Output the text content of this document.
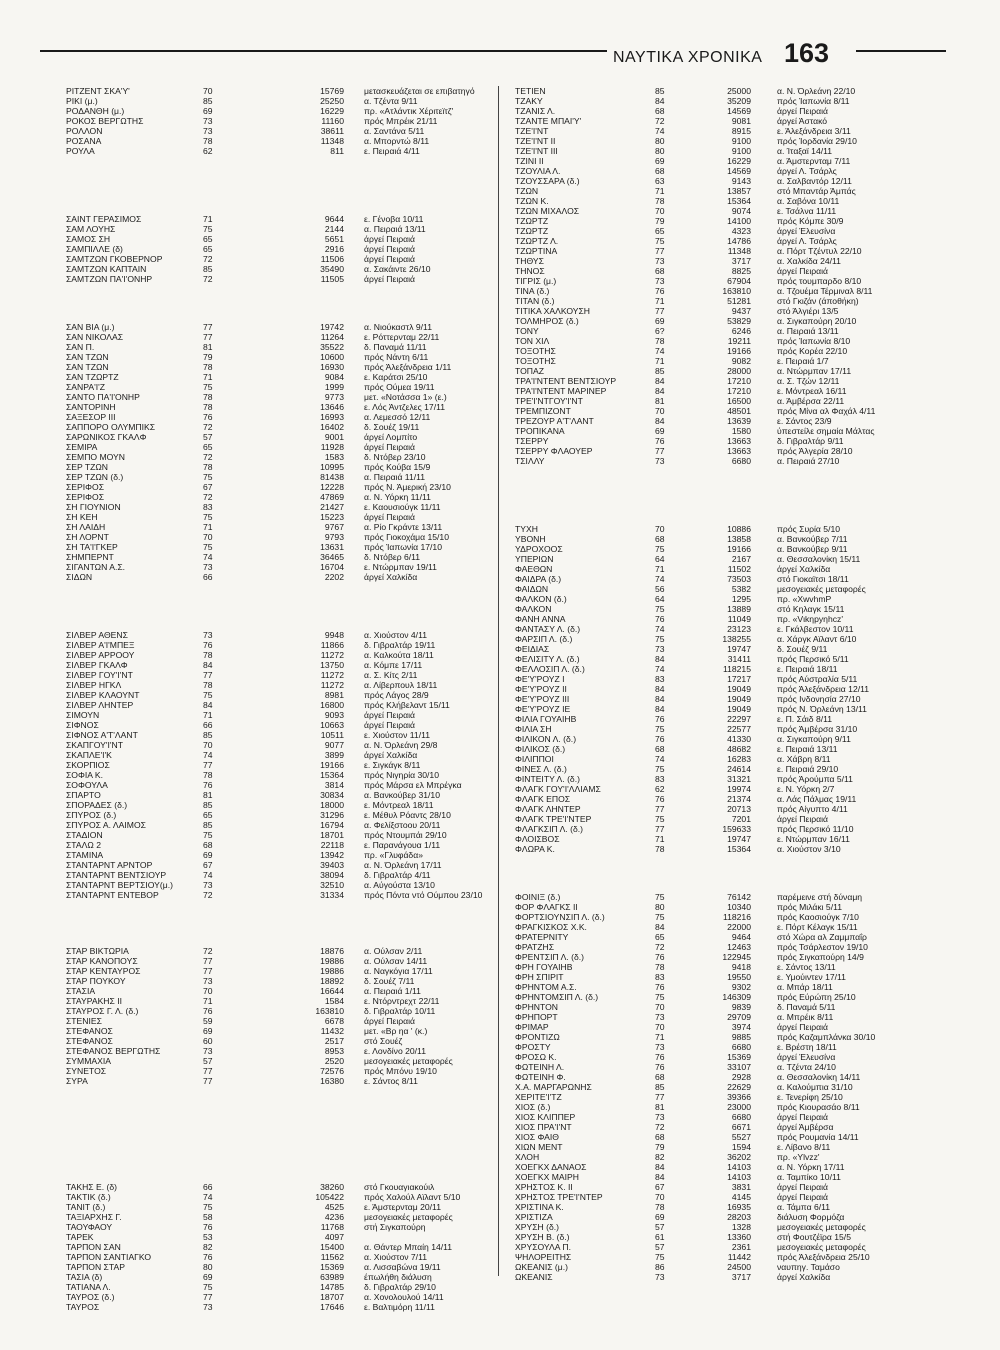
ΝΑΥΤΙΚΑ ΧΡΟΝΙΚΑ 163
ΡΙΤΖΕΝΤ ΣΚΑ'Υ'	70	15769 μετασκευάζεται σε επιβατηγό
ΡΙΚΙ (μ.)	85	25250 α. Τζέντα 9/11
ΡΟΔΑΝΘΗ (μ.)	69	16229 πρ. «Ατλάντικ Χέριτεϊτζ'
ΡΟΚΟΣ ΒΕΡΓΩΤΗΣ	73	11160 πρός Μπρέικ 21/11
ΡΟΛΛΟΝ	73	38611 α. Σαντάνα 5/11
ΡΟΣΑΝΑ	78	11348 α. Μπορντώ 8/11
ΡΟΥΛΑ	62	811 ε. Πειραιά 4/11
ΣΑΙΝΤ ΓΕΡΑΣΙΜΟΣ	71	9644 ε. Γένοβα 10/11
ΣΑΜ ΛΟΥΗΣ	75	2144 α. Πειραιά 13/11
ΣΑΜΟΣ ΣΗ	65	5651 άργεί Πειραιά
ΣΑΜΠΙΛΛΕ (δ)	65	2916 άργεί Πειραιά
ΣΑΜΤΖΩΝ ΓΚΟΒΕΡΝΟΡ	72	11506 άργεί Πειραιά
ΣΑΜΤΖΩΝ ΚΑΠΤΑΙΝ	85	35490 α. Σακάιντε 26/10
ΣΑΜΤΖΩΝ ΠΑ'Ι'ΟΝΗΡ	72	11505 άργεί Πειραιά
ΣΑΝ ΒΙΑ (μ.)	77	19742 α. Νιούκαστλ 9/11
ΣΑΝ ΝΙΚΟΛΑΣ	77	11264 ε. Ρόττερνταμ 22/11
ΣΑΝ Π.	81	35522 δ. Παναμά 11/11
ΣΑΝ ΤΖΩΝ	79	10600 πρός Νάντη 6/11
ΣΑΝ ΤΖΩΝ	78	16930 πρός Άλεξάνδρεια 1/11
ΣΑΝ ΤΖΩΡΤΖ	71	9084 ε. Καράτσι 25/10
ΣΑΝΡΑ'Ι'Ζ	75	1999 πρός Ούμεα 19/11
ΣΑΝΤΟ ΠΑ'Ι'ΟΝΗΡ	78	9773 μετ. «Νοτάσσα 1» (ε.)
ΣΑΝΤΟΡΙΝΗ	78	13646 ε. Λός Άντζελες 17/11
ΣΑΞΕΣΟΡ ΙΙΙ	76	16993 α. Λεμεσσό 12/11
ΣΑΠΠΟΡΟ ΟΛΥΜΠΙΚΣ	72	16402 δ. Σουέζ 19/11
ΣΑΡΩΝΙΚΟΣ ΓΚΑΛΦ	57	9001 άργεί Λομπίτο
ΣΕΜΙΡΑ	65	11928 άργεί Πειραιά
ΣΕΜΠΟ ΜΟΥΝ	72	1583 δ. Ντόβερ 23/10
ΣΕΡ ΤΖΩΝ	78	10995 πρός Κούβα 15/9
ΣΕΡ ΤΖΩΝ (δ.)	75	81438 α. Πειραιά 11/11
ΣΕΡΙΦΟΣ	67	12228 πρός Ν. Άμερική 23/10
ΣΕΡΙΦΟΣ	72	47869 α. Ν. Υόρκη 11/11
ΣΗ ΓΙΟΥΝΙΟΝ	83	21427 ε. Καουσιούγκ 11/11
ΣΗ ΚΕΗ	75	15223 άργεί Πειραιά
ΣΗ ΛΑΙΔΗ	71	9767 α. Ρίο Γκράντε 13/11
ΣΗ ΛΟΡΝΤ	70	9793 πρός Γιοκοχάμα 15/10
ΣΗ ΤΑ'Ι'ΓΚΕΡ	75	13631 πρός Ίαπωνία 17/10
ΣΗΜΠΕΡΝΤ	74	36465 δ. Ντόβερ 6/11
ΣΙΓΑΝΤΩΝ Α.Σ.	73	16704 ε. Ντώρμπαν 19/11
ΣΙΔΩΝ	66	2202 άργεί Χαλκίδα
ΣΙΛΒΕΡ ΑΘΕΝΣ	73	9948 α. Χιούστον 4/11
ΣΙΛΒΕΡ Α'Ι'ΜΠΕΞ	76	11866 δ. Γιβραλτάρ 19/11
ΣΙΛΒΕΡ ΑΡΡΟΟΥ	78	11272 α. Καλκούτα 18/11
ΣΙΛΒΕΡ ΓΚΑΛΦ	84	13750 α. Κόμπε 17/11
ΣΙΛΒΕΡ ΓΟΥ'Ι'ΝΤ	77	11272 α. Σ. Κίτς 2/11
ΣΙΛΒΕΡ ΗΓΚΛ	78	11272 α. Λίβερπουλ 18/11
ΣΙΛΒΕΡ ΚΛΑΟΥΝΤ	75	8981 πρός Λάγος 28/9
ΣΙΛΒΕΡ ΛΗΝΤΕΡ	84	16800 πρός Κλήβελαντ 15/11
ΣΙΜΟΥΝ	71	9093 άργεί Πειραιά
ΣΙΦΝΟΣ	66	10663 άργεί Πειραιά
ΣΙΦΝΟΣ Α'Τ'ΛΑΝΤ	85	10511 ε. Χιούστον 11/11
ΣΚΑΠΓΟΥ'Ι'ΝΤ	70	9077 α. Ν. Όρλεάνη 29/8
ΣΚΑΠΛΕ'Ι'Κ	74	3899 άργεί Χαλκίδα
ΣΚΟΡΠΙΟΣ	77	19166 ε. Σιγκάγκ 8/11
ΣΟΦΙΑ Κ.	78	15364 πρός Νιγηρία 30/10
ΣΟΦΟΥΛΑ	76	3814 πρός Μάρσα ελ Μπρέγκα
ΣΠΑΡΤΟ	81	30834 α. Βανκούβερ 31/10
ΣΠΟΡΑΔΕΣ (δ.)	85	18000 ε. Μόντρεαλ 18/11
ΣΠΥΡΟΣ (δ.)	65	31296 ε. Μέθυλ Ρόαντς 28/10
ΣΠΥΡΟΣ Α. ΛΑΙΜΟΣ	85	16794 α. Φελίξστοου 20/11
ΣΤΑΔΙΟΝ	75	18701 πρός Ντουμπάι 29/10
ΣΤΑΛΩ 2	68	22118 ε. Παρανάγουα 1/11
ΣΤΑΜΙΝΑ	69	13942 πρ. «Γλυφάδα»
ΣΤΑΝΤΑΡΝΤ ΑΡΝΤΟΡ	67	39403 α. Ν. Όρλεάνη 17/11
ΣΤΑΝΤΑΡΝΤ ΒΕΝΤΣΙΟΥΡ	74	38094 δ. Γιβραλτάρ 4/11
ΣΤΑΝΤΑΡΝΤ ΒΕΡΤΣΙΟΥ(μ.)	73	32510 α. Αύγούστα 13/10
ΣΤΑΝΤΑΡΝΤ ΕΝΤΕΒΟΡ	72	31334 πρός Πόντα ντό Ούμπου 23/10
ΣΤΑΡ ΒΙΚΤΩΡΙΑ	72	18876 α. Ούλσαν 2/11
ΣΤΑΡ ΚΑΝΟΠΟΥΣ	77	19886 α. Ούλσαν 14/11
ΣΤΑΡ ΚΕΝΤΑΥΡΟΣ	77	19886 α. Ναγκόγια 17/11
ΣΤΑΡ ΠΟΥΚΟΥ	73	18892 δ. Σουέζ 7/11
ΣΤΑΣΙΑ	70	16644 α. Πειραιά 1/11
ΣΤΑΥΡΑΚΗΣ ΙΙ	71	1584 ε. Ντόρντρεχτ 22/11
ΣΤΑΥΡΟΣ Γ. Λ. (δ.)	76	163810 δ. Γιβραλτάρ 10/11
ΣΤΕΝΙΕΣ	59	6678 άργεί Πειραιά
ΣΤΕΦΑΝΟΣ	69	11432 μετ. «Βρ ηα ' (κ.)
ΣΤΕΦΑΝΟΣ	60	2517 στό Σουέζ
ΣΤΕΦΑΝΟΣ ΒΕΡΓΩΤΗΣ	73	8953 ε. Λονδίνο 20/11
ΣΥΜΜΑΧΙΑ	57	2520 μεσογειακές μεταφορές
ΣΥΝΕΤΟΣ	77	72576 πρός Μπόνυ 19/10
ΣΥΡΑ	77	16380 ε. Σάντος 8/11
ΤΑΚΗΣ Ε. (δ)	66	38260 στό Γκουαγιακούιλ
ΤΑΚΤΙΚ (δ.)	74	105422 πρός Χαλούλ Αϊλαντ 5/10
ΤΑΝΙΤ (δ.)	75	4525 ε. Άμστερνταμ 20/11
ΤΑΞΙΑΡΧΗΣ Γ.	58	4236 μεσογειακές μεταφορές
ΤΑΟΥΦΑΟΥ	76	11768 στή Σιγκαπούρη
ΤΑΡΕΚ	53	4097
ΤΑΡΠΟΝ ΣΑΝ	82	15400 α. Θάντερ Μπαίη 14/11
ΤΑΡΠΟΝ ΣΑΝΤΙΑΓΚΟ	76	11562 α. Χιούστον 7/11
ΤΑΡΠΟΝ ΣΤΑΡ	80	15369 α. Λισσαβώνα 19/11
ΤΑΣΙΑ (δ)	69	63989 έπωλήθη διάλυση
ΤΑΤΙΑΝΑ Λ.	75	14785 δ. Γιβραλτάρ 29/10
ΤΑΥΡΟΣ (δ.)	77	18707 α. Χονολουλού 14/11
ΤΑΥΡΟΣ	73	17646 ε. Βαλτιμόρη 11/11
ΤΕΤΙΕΝ	85	25000	α. Ν. Όρλεάνη 22/10
ΤΖΑΚΥ	84	35209	πρός Ίαπωνία 8/11
ΤΖΑΝΙΣ Λ.	68	14569	άργεί Πειραιά
ΤΖΑΝΤΕ ΜΠΑΙ'Υ'	72	9081	άργεί Άστακό
ΤΖΕ'Ι'ΝΤ	74	8915	ε. Άλεξάνδρεια 3/11
ΤΖΕ'Ι'ΝΤ ΙΙ	80	9100	πρός Ίορδανία 29/10
ΤΖΕ'Ι'ΝΤ ΙΙΙ	80	9100	α. Ίταξαϊ 14/11
ΤΖΙΝΙ ΙΙ	69	16229	α. Άμστερνταμ 7/11
ΤΖΟΥΛΙΑ Λ.	68	14569	άργεί Λ. Τσάρλς
ΤΖΟΥΣΣΑΡΑ (δ.)	63	9143	α. Σαλβαντόρ 12/11
ΤΖΩΝ	71	13857	στό Μπαντάρ Άμπάς
ΤΖΩΝ Κ.	78	15364	α. Σαβόνα 10/11
ΤΖΩΝ ΜΙΧΑΛΟΣ	70	9074	ε. Τσάλνα 11/11
ΤΖΩΡΤΖ	79	14100	πρός Κόμπε 30/9
ΤΖΩΡΤΖ	65	4323	άργεί Έλευσίνα
ΤΖΩΡΤΖ Λ.	75	14786	άργεί Λ. Τσάρλς
ΤΖΩΡΤΙΝΑ	77	11348	α. Πόρτ Τζέντυλ 22/10
ΤΗΘΥΣ	73	3717	α. Χαλκίδα 24/11
ΤΗΝΟΣ	68	8825	άργεί Πειραιά
ΤΙΓΡΙΣ (μ.)	73	67904	πρός τουμπαρδο 8/10
ΤΙΝΑ (δ.)	76	163810	α. Τζουέμα Τέρμιναλ 8/11
ΤΙΤΑΝ (δ.)	71	51281	στό Γκιζάν (άποθήκη)
ΤΙΤΙΚΑ ΧΑΛΚΟΥΣΗ	77	9437	στό Άλγιέρι 13/5
ΤΟΛΜΗΡΟΣ (δ.)	69	53829	α. Σιγκαπούρη 20/10
ΤΟΝΥ	6?	6246	α. Πειραιά 13/11
ΤΟΝ ΧΙΛ	78	19211	πρός Ίαπωνία 8/10
ΤΟΞΟΤΗΣ	74	19166	πρός Κορέα 22/10
ΤΟΞΟΤΗΣ	71	9082	ε. Πειραιά 1/7
ΤΟΠΑΖ	85	28000	α. Ντώρμπαν 17/11
ΤΡΑ'Ι'ΝΤΕΝΤ ΒΕΝΤΣΙΟΥΡ	84	17210	α. Σ. Τζών 12/11
ΤΡΑ'Ι'ΝΤΕΝΤ ΜΑΡΙΝΕΡ	84	17210	ε. Μόντρεαλ 16/11
ΤΡΕ'Ι'ΝΤΓΟΥ'Ι'ΝΤ	81	16500	α. Άμβέρσα 22/11
ΤΡΕΜΠΙΖΟΝΤ	70	48501	πρός Μίνα αλ Φαχάλ 4/11
ΤΡΕΖΟΥΡ Α'Τ'ΛΑΝΤ	84	13639	ε. Σάντος 23/9
ΤΡΟΠΙΚΑΝΑ	69	1580	ύπεστείλε σημαία Μάλτας
ΤΣΕΡΡΥ	76	13663	δ. Γιβραλτάρ 9/11
ΤΣΕΡΡΥ ΦΛΑΟΥΕΡ	77	13663	πρός Άλγερία 28/10
ΤΣΙΛΛΥ	73	6680	α. Πειραιά 27/10
ΤΥΧΗ	70	10886	πρός Συρία 5/10
ΥΒΟΝΗ	68	13858	α. Βανκούβερ 7/11
ΥΔΡΟΧΟΟΣ	75	19166	α. Βανκούβερ 9/11
ΥΠΕΡΙΩΝ	64	2167	α. Θεσσαλονίκη 15/11
ΦΑΕΘΩΝ	71	11502	άργεί Χαλκίδα
ΦΑΙΔΡΑ (δ.)	74	73503	στό Γιοκαϊτσι 18/11
ΦΑΙΔΩΝ	56	5382	μεσογειακές μεταφορές
ΦΑΛΚΟΝ (δ.)	64	1295	πρ. «XwvhmP
ΦΑΛΚΟΝ	75	13889	στό Κηλαγκ 15/11
ΦΑΝΗ ΑΝΝΑ	76	11049	πρ. «Vιkηpyηhcz'
ΦΑΝΤΑΣΥ Λ. (δ.)	74	23123	ε. Γκάλβεστον 10/11
ΦΑΡΣΙΠ Λ. (δ.)	75	138255	α. Χάργκ Αϊλαντ 6/10
ΦΕΙΔΙΑΣ	73	19747	δ. Σουέζ 9/11
ΦΕΛΙΣΙΤΥ Λ. (δ.)	84	31411	πρός Περσικό 5/11
ΦΕΛΛΟΣΙΠ Λ. (δ.)	74	118215	ε. Πειραιά 18/11
ΦΕ'Υ'ΡΟΥΖ Ι	83	17217	πρός Αύστραλία 5/11
ΦΕ'Υ'ΡΟΥΖ ΙΙ	84	19049	πρός Άλεξάνδρεια 12/11
ΦΕ'Υ'ΡΟΥΖ ΙΙΙ	84	19049	πρός Ινδονησία 27/10
ΦΕ'Υ'ΡΟΥΖ ΙΕ	84	19049	πρός Ν. Όρλεάνη 13/11
ΦΙΛΙΑ ΓΟΥΑΙΗΒ	76	22297	ε. Π. Σάιδ 8/11
ΦΙΛΙΑ ΣΗ	75	22577	πρός Άμβέρσα 31/10
ΦΙΛΙΚΟΝ Λ. (δ.)	76	41330	α. Σιγκαπούρη 9/11
ΦΙΛΙΚΟΣ (δ.)	68	48682	ε. Πειραιά 13/11
ΦΙΛΙΠΠΟΙ	74	16283	α. Χάβρη 8/11
ΦΙΝΕΣ Λ. (δ.)	75	24614	ε. Πειραιά 29/10
ΦΙΝΤΕΙΤΥ Λ. (δ.)	83	31321	πρός Άρούμπα 5/11
ΦΛΑΓΚ ΓΟΥ'Ι'ΛΛΙΑΜΣ	62	19974	ε. Ν. Υόρκη 2/7
ΦΛΑΓΚ ΕΠΟΣ	76	21374	α. Λάς Πάλμας 19/11
ΦΛΑΓΚ ΛΗΝΤΕΡ	77	20713	πρός Αίγυπτο 4/11
ΦΛΑΓΚ ΤΡΕ'Ι'ΝΤΕΡ	75	7201	άργεί Πειραιά
ΦΛΑΓΚΣΙΠ Λ. (δ.)	77	159633	πρός Περσικό 11/10
ΦΛΟΙΣΒΟΣ	71	19747	ε. Ντώρμπαν 16/11
ΦΛΩΡΑ Κ.	78	15364	α. Χιούστον 3/10
ΦΟΙΝΙΞ (δ.)	75	76142	παρέμεινε στή δύναμη
ΦΟΡ ΦΛΑΓΚΣ ΙΙ	80	10340	πρός Μιλάκι 5/11
ΦΟΡΤΣΙΟΥΝΣΙΠ Λ. (δ.)	75	118216	πρός Καοσιούγκ 7/10
ΦΡΑΓΚΙΣΚΟΣ Χ.Κ.	84	22000	ε. Πόρτ Κέλαγκ 15/11
ΦΡΑΤΕΡΝΙΤΥ	65	9464	στό Χώρα αλ Ζαμμπαΐρ
ΦΡΑΤΖΗΣ	72	12463	πρός Τσάρλεστον 19/10
ΦΡΕΝΤΣΙΠ Λ. (δ.)	76	122945	πρός Σιγκαπούρη 14/9
ΦΡΗ ΓΟΥΑΙΗΒ	78	9418	ε. Σάντος 13/11
ΦΡΗ ΣΠΙΡΙΤ	83	19550	ε. Υμούιντεν 17/11
ΦΡΗΝΤΟΜ Α.Σ.	76	9302	α. Μπάρ 18/11
ΦΡΗΝΤΟΜΣΙΠ Λ. (δ.)	75	146309	πρός Εύρώπη 25/10
ΦΡΗΝΤΟΝ	70	9839	δ. Παναμά 5/11
ΦΡΗΠΟΡΤ	73	29709	α. Μπρέικ 8/11
ΦΡΙΜΑΡ	70	3974	άργεί Πειραιά
ΦΡΟΝΤΙΖΩ	71	9885	πρός Καζαμπλάνκα 30/10
ΦΡΟΣΤΥ	73	6680	ε. Βρέστη 18/11
ΦΡΟΣΩ Κ.	76	15369	άργεί Έλευσίνα
ΦΩΤΕΙΝΗ Λ.	76	33107	α. Τζέντα 24/10
ΦΩΤΕΙΝΗ Φ.	68	2928	α. Θεσσαλονίκη 14/11
Χ.Α. ΜΑΡΓΑΡΩΝΗΣ	85	22629	α. Καλούμπια 31/10
ΧΕΡΙΤΕ'Ι'ΤΖ	77	39366	ε. Τενερίφη 25/10
ΧΙΟΣ (δ.)	81	23000	πρός Κιουρασάο 8/11
ΧΙΟΣ ΚΛΙΠΠΕΡ	73	6680	άργεί Πειραιά
ΧΙΟΣ ΠΡΑ'Ι'ΝΤ	72	6671	άργεί Άμβέρσα
ΧΙΟΣ ΦΑΙΘ	68	5527	πρός Ρουμανία 14/11
ΧΙΩΝ ΜΕΝΤ	79	1594	ε. Λίβανο 8/11
ΧΛΟΗ	82	36202	πρ. «Ylvzz'
ΧΟΕΓΚΧ ΔΑΝΑΟΣ	84	14103	α. Ν. Υόρκη 17/11
ΧΟΕΓΚΧ ΜΑΙΡΗ	84	14103	α. Ταμπίκο 10/11
ΧΡΗΣΤΟΣ Κ. ΙΙ	67	3831	άργεί Πειραιά
ΧΡΗΣΤΟΣ ΤΡΕ'Ι'ΝΤΕΡ	70	4145	άργεί Πειραιά
ΧΡΙΣΤΙΝΑ Κ.	78	16935	α. Τάμπα 6/11
ΧΡΙΣΤΙΖΑ	69	28203	διάλυση Φορμόζα
ΧΡΥΣΗ (δ.)	57	1328	μεσογειακές μεταφορές
ΧΡΥΣΗ Β. (δ.)	61	13360	στή Φουτζέϊρα 15/5
ΧΡΥΣΟΥΛΑ Π.	57	2361	μεσογειακές μεταφορές
ΨΗΛΟΡΕΙΤΗΣ	75	11442	πρός Άλεξάνδρεια 25/10
ΩΚΕΑΝΙΣ (μ.)	86	24500	ναυπηγ. Ταμάσο
ΩΚΕΑΝΙΣ	73	3717	άργεί Χαλκίδα
